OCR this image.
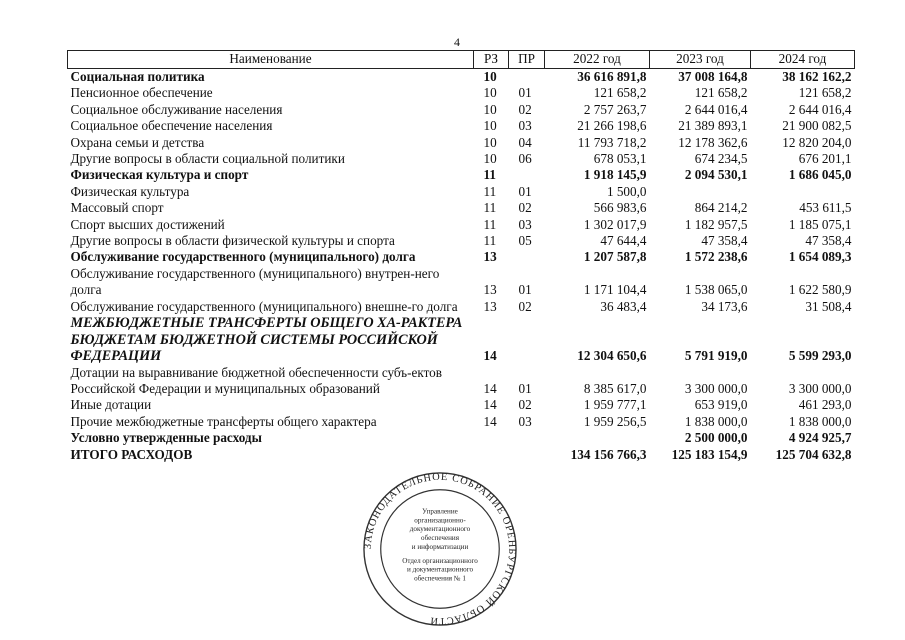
4
Наименование	РЗ	ПР	2022 год	2023 год	2024 год
Социальная политика	10		36 616 891,8	37 008 164,8	38 162 162,2
Пенсионное обеспечение	10	01	121 658,2	121 658,2	121 658,2
Социальное обслуживание населения	10	02	2 757 263,7	2 644 016,4	2 644 016,4
Социальное обеспечение населения	10	03	21 266 198,6	21 389 893,1	21 900 082,5
Охрана семьи и детства	10	04	11 793 718,2	12 178 362,6	12 820 204,0
Другие вопросы в области социальной политики	10	06	678 053,1	674 234,5	676 201,1
Физическая культура и спорт	11		1 918 145,9	2 094 530,1	1 686 045,0
Физическая культура	11	01	1 500,0		
Массовый спорт	11	02	566 983,6	864 214,2	453 611,5
Спорт высших достижений	11	03	1 302 017,9	1 182 957,5	1 185 075,1
Другие вопросы в области физической культуры и спорта	11	05	47 644,4	47 358,4	47 358,4
Обслуживание государственного (муниципального) долга	13		1 207 587,8	1 572 238,6	1 654 089,3
Обслуживание государственного (муниципального) внутрен-него долга	13	01	1 171 104,4	1 538 065,0	1 622 580,9
Обслуживание государственного (муниципального) внешне-го долга	13	02	36 483,4	34 173,6	31 508,4
МЕЖБЮДЖЕТНЫЕ ТРАНСФЕРТЫ ОБЩЕГО ХА-РАКТЕРА БЮДЖЕТАМ БЮДЖЕТНОЙ СИСТЕМЫ РОССИЙСКОЙ ФЕДЕРАЦИИ	14		12 304 650,6	5 791 919,0	5 599 293,0
Дотации на выравнивание бюджетной обеспеченности субъ-ектов Российской Федерации и муниципальных образований	14	01	8 385 617,0	3 300 000,0	3 300 000,0
Иные дотации	14	02	1 959 777,1	653 919,0	461 293,0
Прочие межбюджетные трансферты общего характера	14	03	1 959 256,5	1 838 000,0	1 838 000,0
Условно утвержденные расходы				2 500 000,0	4 924 925,7
ИТОГО РАСХОДОВ			134 156 766,3	125 183 154,9	125 704 632,8
ЗАКОНОДАТЕЛЬНОЕ СОБРАНИЕ ОРЕНБУРГСКОЙ ОБЛАСТИ
Управление
организационно-
документационного
обеспечения
и информатизации
Отдел организационного
и документационного
обеспечения № 1
